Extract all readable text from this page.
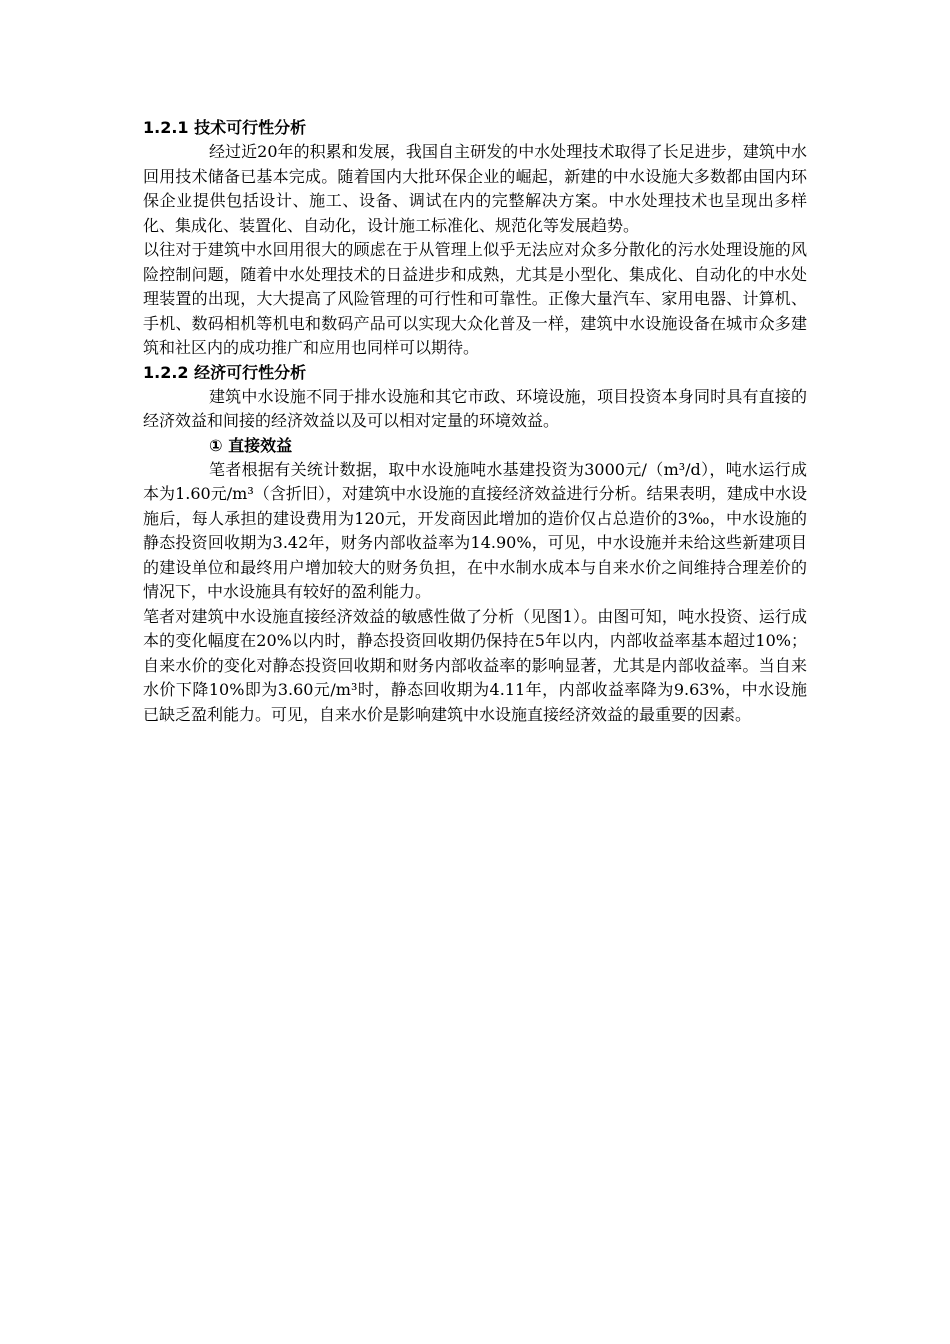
1.2.1 技术可行性分析

经过近20年的积累和发展，我国自主研发的中水处理技术取得了长足进步，建筑中水回用技术储备已基本完成。随着国内大批环保企业的崛起，新建的中水设施大多数都由国内环保企业提供包括设计、施工、设备、调试在内的完整解决方案。中水处理技术也呈现出多样化、集成化、装置化、自动化，设计施工标准化、规范化等发展趋势。

以往对于建筑中水回用很大的顾虑在于从管理上似乎无法应对众多分散化的污水处理设施的风险控制问题，随着中水处理技术的日益进步和成熟，尤其是小型化、集成化、自动化的中水处理装置的出现，大大提高了风险管理的可行性和可靠性。正像大量汽车、家用电器、计算机、手机、数码相机等机电和数码产品可以实现大众化普及一样，建筑中水设施设备在城市众多建筑和社区内的成功推广和应用也同样可以期待。

1.2.2 经济可行性分析

建筑中水设施不同于排水设施和其它市政、环境设施，项目投资本身同时具有直接的经济效益和间接的经济效益以及可以相对定量的环境效益。

① 直接效益

笔者根据有关统计数据，取中水设施吨水基建投资为3000元/（m³/d），吨水运行成本为1.60元/m³（含折旧），对建筑中水设施的直接经济效益进行分析。结果表明，建成中水设施后，每人承担的建设费用为120元，开发商因此增加的造价仅占总造价的3‰，中水设施的静态投资回收期为3.42年，财务内部收益率为14.90%，可见，中水设施并未给这些新建项目的建设单位和最终用户增加较大的财务负担，在中水制水成本与自来水价之间维持合理差价的情况下，中水设施具有较好的盈利能力。

笔者对建筑中水设施直接经济效益的敏感性做了分析（见图1）。由图可知，吨水投资、运行成本的变化幅度在20%以内时，静态投资回收期仍保持在5年以内，内部收益率基本超过10%；自来水价的变化对静态投资回收期和财务内部收益率的影响显著，尤其是内部收益率。当自来水价下降10%即为3.60元/m³时，静态回收期为4.11年，内部收益率降为9.63%，中水设施已缺乏盈利能力。可见，自来水价是影响建筑中水设施直接经济效益的最重要的因素。
